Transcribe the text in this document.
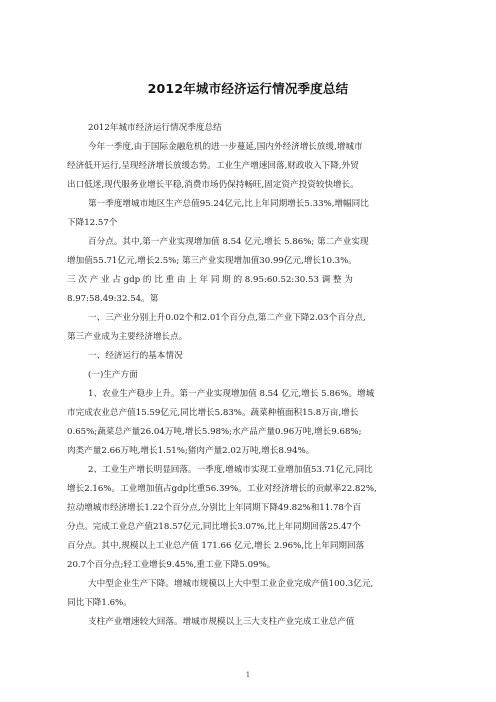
2012年城市经济运行情况季度总结
2012年城市经济运行情况季度总结
今年一季度,由于国际金融危机的进一步蔓延,国内外经济增长放缓,增城市
经济低开运行,呈现经济增长放缓态势。工业生产增速回落,财政收入下降,外贸
出口低迷,现代服务业增长平稳,消费市场仍保持畅旺,固定资产投资较快增长。
第一季度增城市地区生产总值95.24亿元,比上年同期增长5.33%,增幅同比
下降12.57个
百分点。其中,第一产业实现增加值 8.54 亿元,增长 5.86%; 第二产业实现
增加值55.71亿元,增长2.5%; 第三产业实现增加值30.99亿元,增长10.3%。
三 次 产 业 占 gdp 的 比 重 由 上 年 同 期 的 8.95:60.52:30.53 调 整 为
8.97:58.49:32.54。第
一、三产业分别上升0.02个和2.01个百分点,第二产业下降2.03个百分点,
第三产业成为主要经济增长点。
一、经济运行的基本情况
(一)生产方面
1、农业生产稳步上升。第一产业实现增加值 8.54 亿元,增长 5.86%。增城
市完成农业总产值15.59亿元,同比增长5.83%。蔬菜种植面积15.8万亩,增长
0.65%;蔬菜总产量26.04万吨,增长5.98%;水产品产量0.96万吨,增长9.68%;
肉类产量2.66万吨,增长1.51%;猪肉产量2.02万吨,增长8.94%。
2、工业生产增长明显回落。一季度,增城市实现工业增加值53.71亿元,同比
增长2.16%。工业增加值占gdp比重56.39%。工业对经济增长的贡献率22.82%,
拉动增城市经济增长1.22个百分点,分别比上年同期下降49.82%和11.78个百
分点。完成工业总产值218.57亿元,同比增长3.07%,比上年同期回落25.47个
百分点。其中,规模以上工业总产值 171.66 亿元,增长 2.96%,比上年同期回落
20.7个百分点;轻工业增长9.45%,重工业下降5.09%。
大中型企业生产下降。增城市规模以上大中型工业企业完成产值100.3亿元,
同比下降1.6%。
支柱产业增速较大回落。增城市规模以上三大支柱产业完成工业总产值
1
